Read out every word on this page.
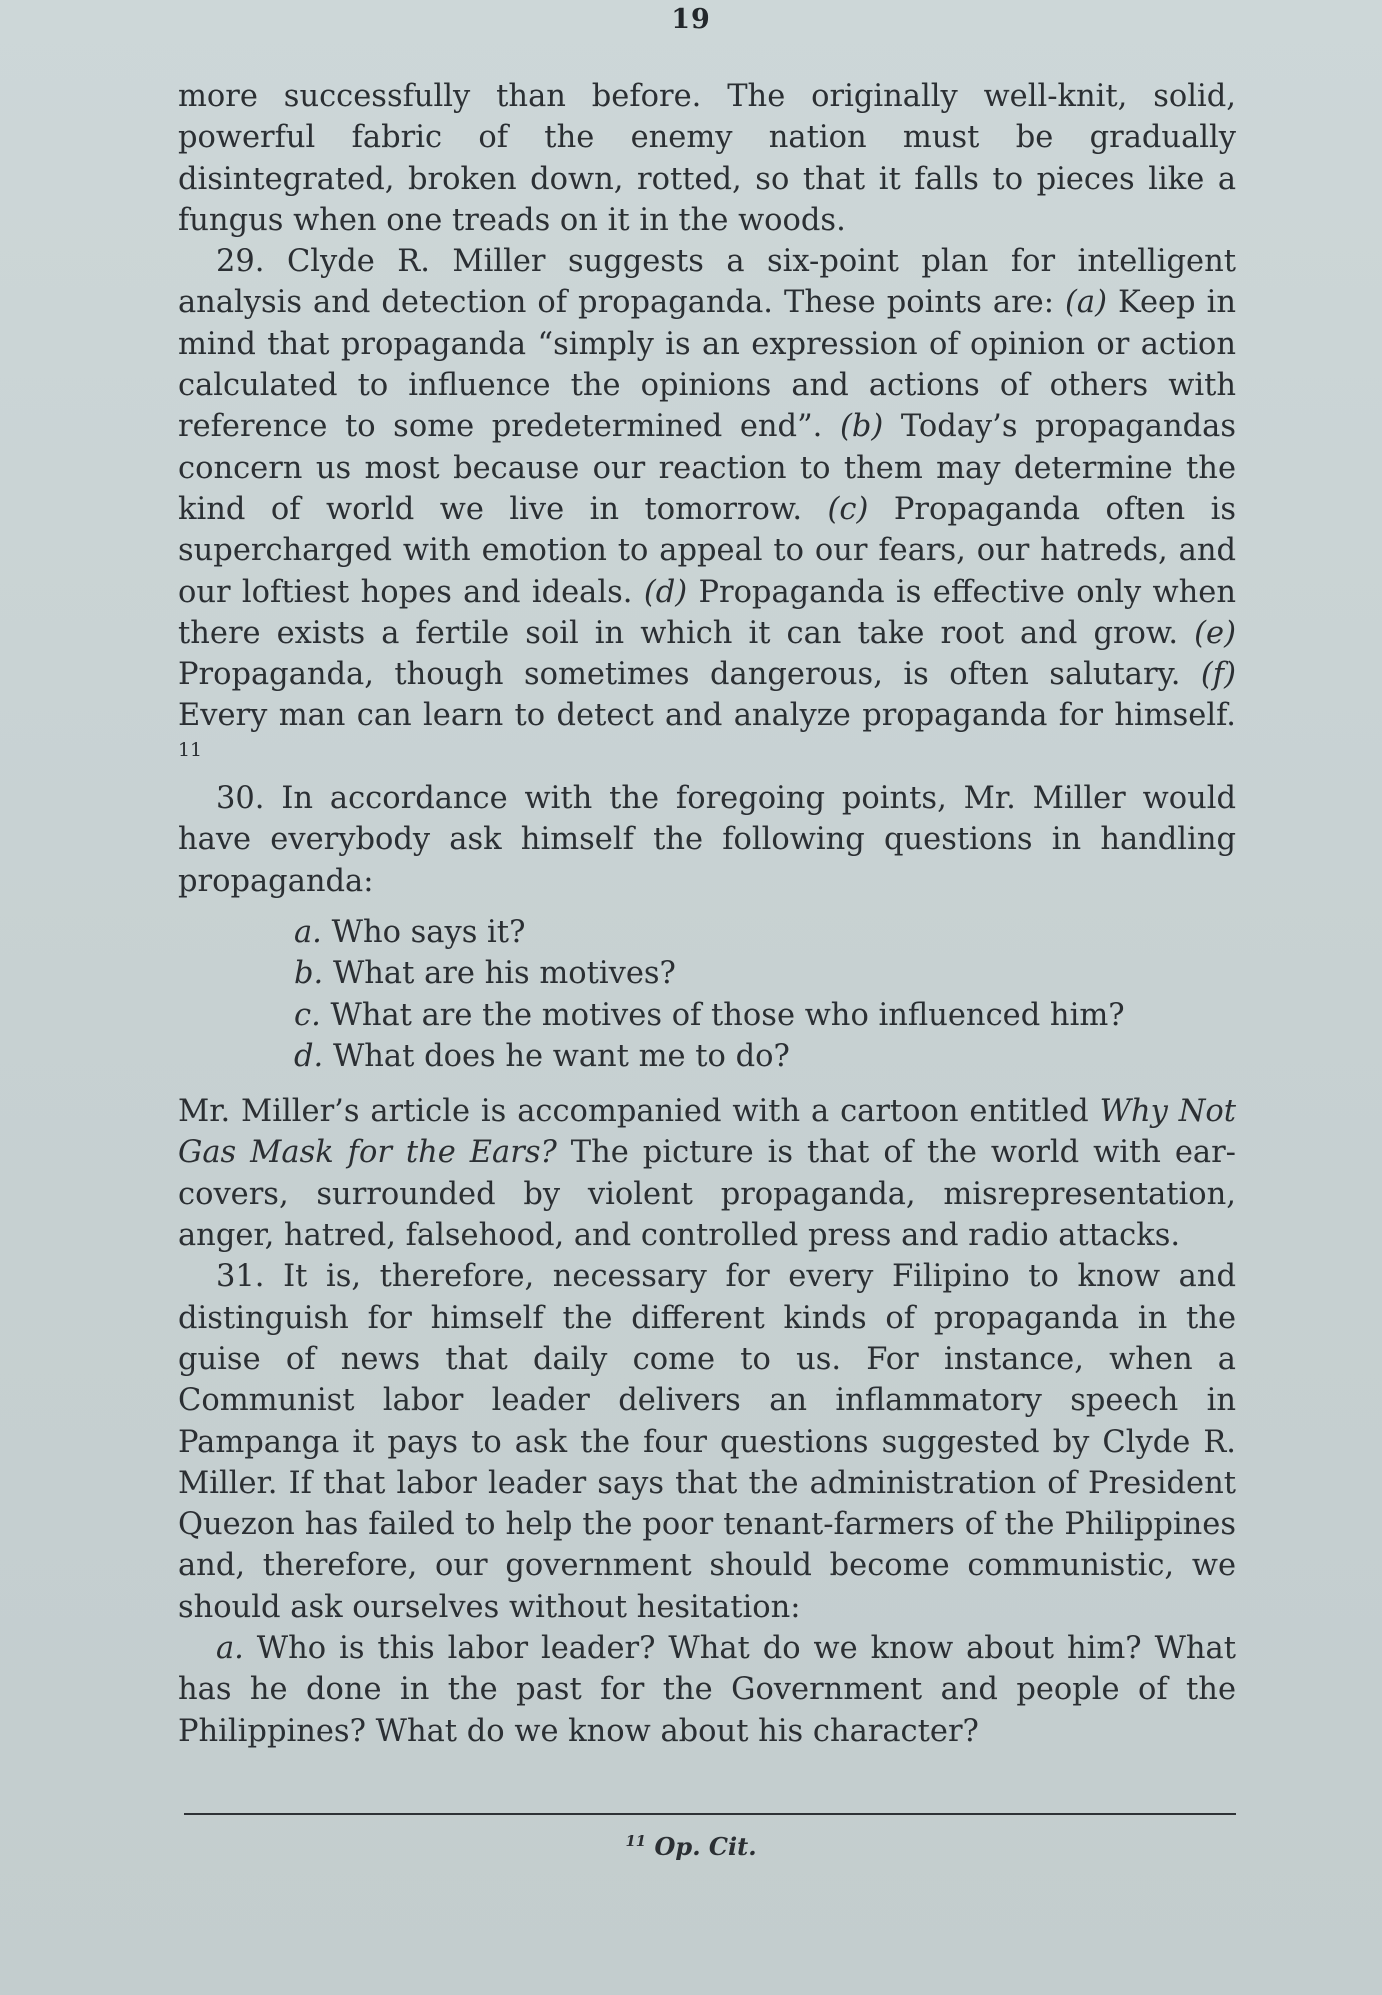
19

more successfully than before. The originally well-knit, solid, powerful fabric of the enemy nation must be gradually disintegrated, broken down, rotted, so that it falls to pieces like a fungus when one treads on it in the woods.

29. Clyde R. Miller suggests a six-point plan for intelligent analysis and detection of propaganda. These points are: (a) Keep in mind that propaganda “simply is an expression of opinion or action calculated to influence the opinions and actions of others with reference to some predetermined end”. (b) Today’s propagandas concern us most because our reaction to them may determine the kind of world we live in tomorrow. (c) Propaganda often is supercharged with emotion to appeal to our fears, our hatreds, and our loftiest hopes and ideals. (d) Propaganda is effective only when there exists a fertile soil in which it can take root and grow. (e) Propaganda, though sometimes dangerous, is often salutary. (f) Every man can learn to detect and analyze propaganda for himself. $^{11}$

30. In accordance with the foregoing points, Mr. Miller would have everybody ask himself the following questions in handling propaganda:

a. Who says it?
b. What are his motives?
c. What are the motives of those who influenced him?
d. What does he want me to do?

Mr. Miller’s article is accompanied with a cartoon entitled Why Not Gas Mask for the Ears? The picture is that of the world with ear-covers, surrounded by violent propaganda, misrepresentation, anger, hatred, falsehood, and controlled press and radio attacks.

31. It is, therefore, necessary for every Filipino to know and distinguish for himself the different kinds of propaganda in the guise of news that daily come to us. For instance, when a Communist labor leader delivers an inflammatory speech in Pampanga it pays to ask the four questions suggested by Clyde R. Miller. If that labor leader says that the administration of President Quezon has failed to help the poor tenant-farmers of the Philippines and, therefore, our government should become communistic, we should ask ourselves without hesitation:

a. Who is this labor leader? What do we know about him? What has he done in the past for the Government and people of the Philippines? What do we know about his character?

$^{11}$ Op. Cit.
